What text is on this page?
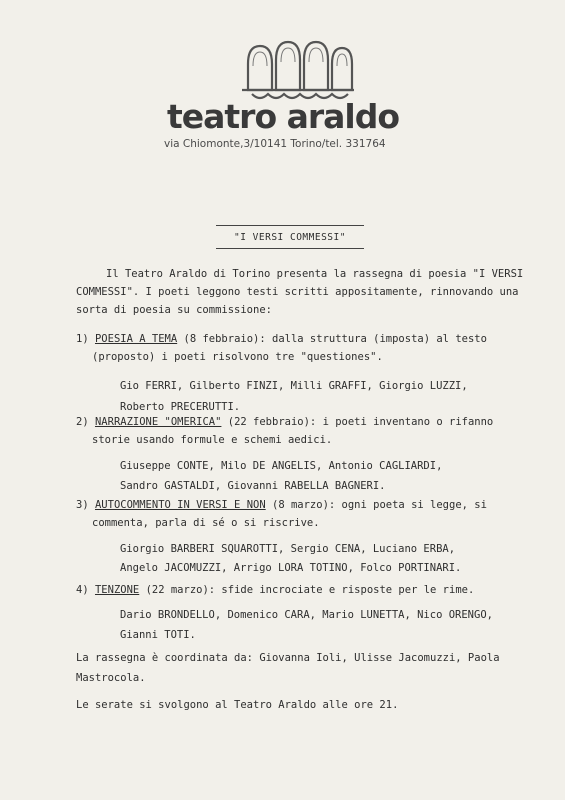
teatro araldo
via Chiomonte,3/10141 Torino/tel. 331764
"I VERSI COMMESSI"
Il Teatro Araldo di Torino presenta la rassegna di poesia "I VERSI
COMMESSI". I poeti leggono testi scritti appositamente, rinnovando una
sorta di poesia su commissione:
1) POESIA A TEMA (8 febbraio): dalla struttura (imposta) al testo
(proposto) i poeti risolvono tre "questiones".
Gio FERRI, Gilberto FINZI, Milli GRAFFI, Giorgio LUZZI,
Roberto PRECERUTTI.
2) NARRAZIONE "OMERICA" (22 febbraio): i poeti inventano o rifanno
storie usando formule e schemi aedici.
Giuseppe CONTE, Milo DE ANGELIS, Antonio CAGLIARDI,
Sandro GASTALDI, Giovanni RABELLA BAGNERI.
3) AUTOCOMMENTO IN VERSI E NON (8 marzo): ogni poeta si legge, si
commenta, parla di sé o si riscrive.
Giorgio BARBERI SQUAROTTI, Sergio CENA, Luciano ERBA,
Angelo JACOMUZZI, Arrigo LORA TOTINO, Folco PORTINARI.
4) TENZONE (22 marzo): sfide incrociate e risposte per le rime.
Dario BRONDELLO, Domenico CARA, Mario LUNETTA, Nico ORENGO,
Gianni TOTI.
La rassegna è coordinata da: Giovanna Ioli, Ulisse Jacomuzzi, Paola
Mastrocola.
Le serate si svolgono al Teatro Araldo alle ore 21.
